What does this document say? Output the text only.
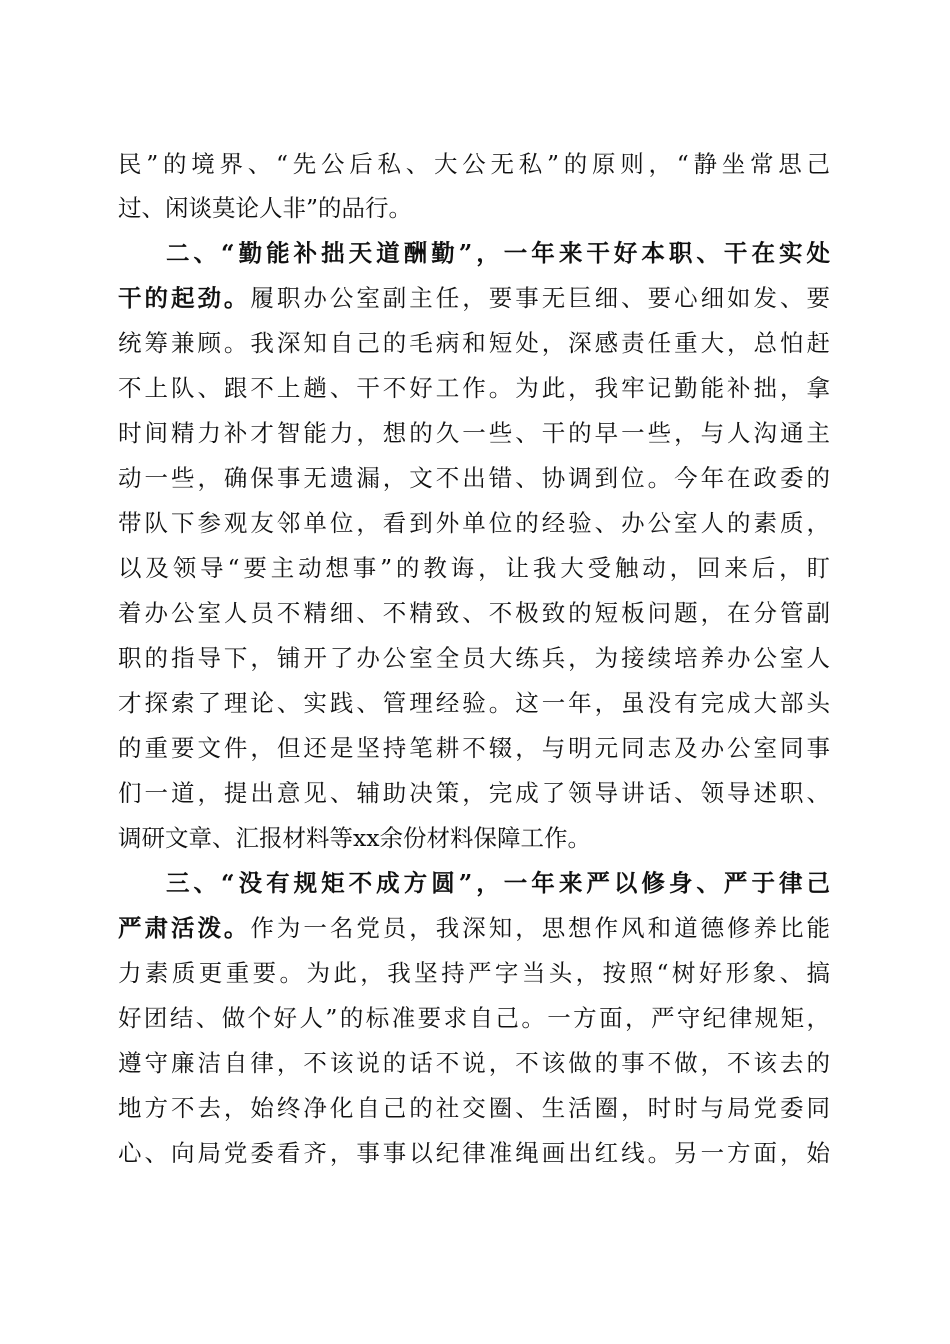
民”的境界、“先公后私、大公无私”的原则，“静坐常思己
过、闲谈莫论人非”的品行。
二、“勤能补拙天道酬勤”，一年来干好本职、干在实处
干的起劲。履职办公室副主任，要事无巨细、要心细如发、要
统筹兼顾。我深知自己的毛病和短处，深感责任重大，总怕赶
不上队、跟不上趟、干不好工作。为此，我牢记勤能补拙，拿
时间精力补才智能力，想的久一些、干的早一些，与人沟通主
动一些，确保事无遗漏，文不出错、协调到位。今年在政委的
带队下参观友邻单位，看到外单位的经验、办公室人的素质，
以及领导“要主动想事”的教诲，让我大受触动，回来后，盯
着办公室人员不精细、不精致、不极致的短板问题，在分管副
职的指导下，铺开了办公室全员大练兵，为接续培养办公室人
才探索了理论、实践、管理经验。这一年，虽没有完成大部头
的重要文件，但还是坚持笔耕不辍，与明元同志及办公室同事
们一道，提出意见、辅助决策，完成了领导讲话、领导述职、
调研文章、汇报材料等xx余份材料保障工作。
三、“没有规矩不成方圆”，一年来严以修身、严于律己
严肃活泼。作为一名党员，我深知，思想作风和道德修养比能
力素质更重要。为此，我坚持严字当头，按照“树好形象、搞
好团结、做个好人”的标准要求自己。一方面，严守纪律规矩，
遵守廉洁自律，不该说的话不说，不该做的事不做，不该去的
地方不去，始终净化自己的社交圈、生活圈，时时与局党委同
心、向局党委看齐，事事以纪律准绳画出红线。另一方面，始
